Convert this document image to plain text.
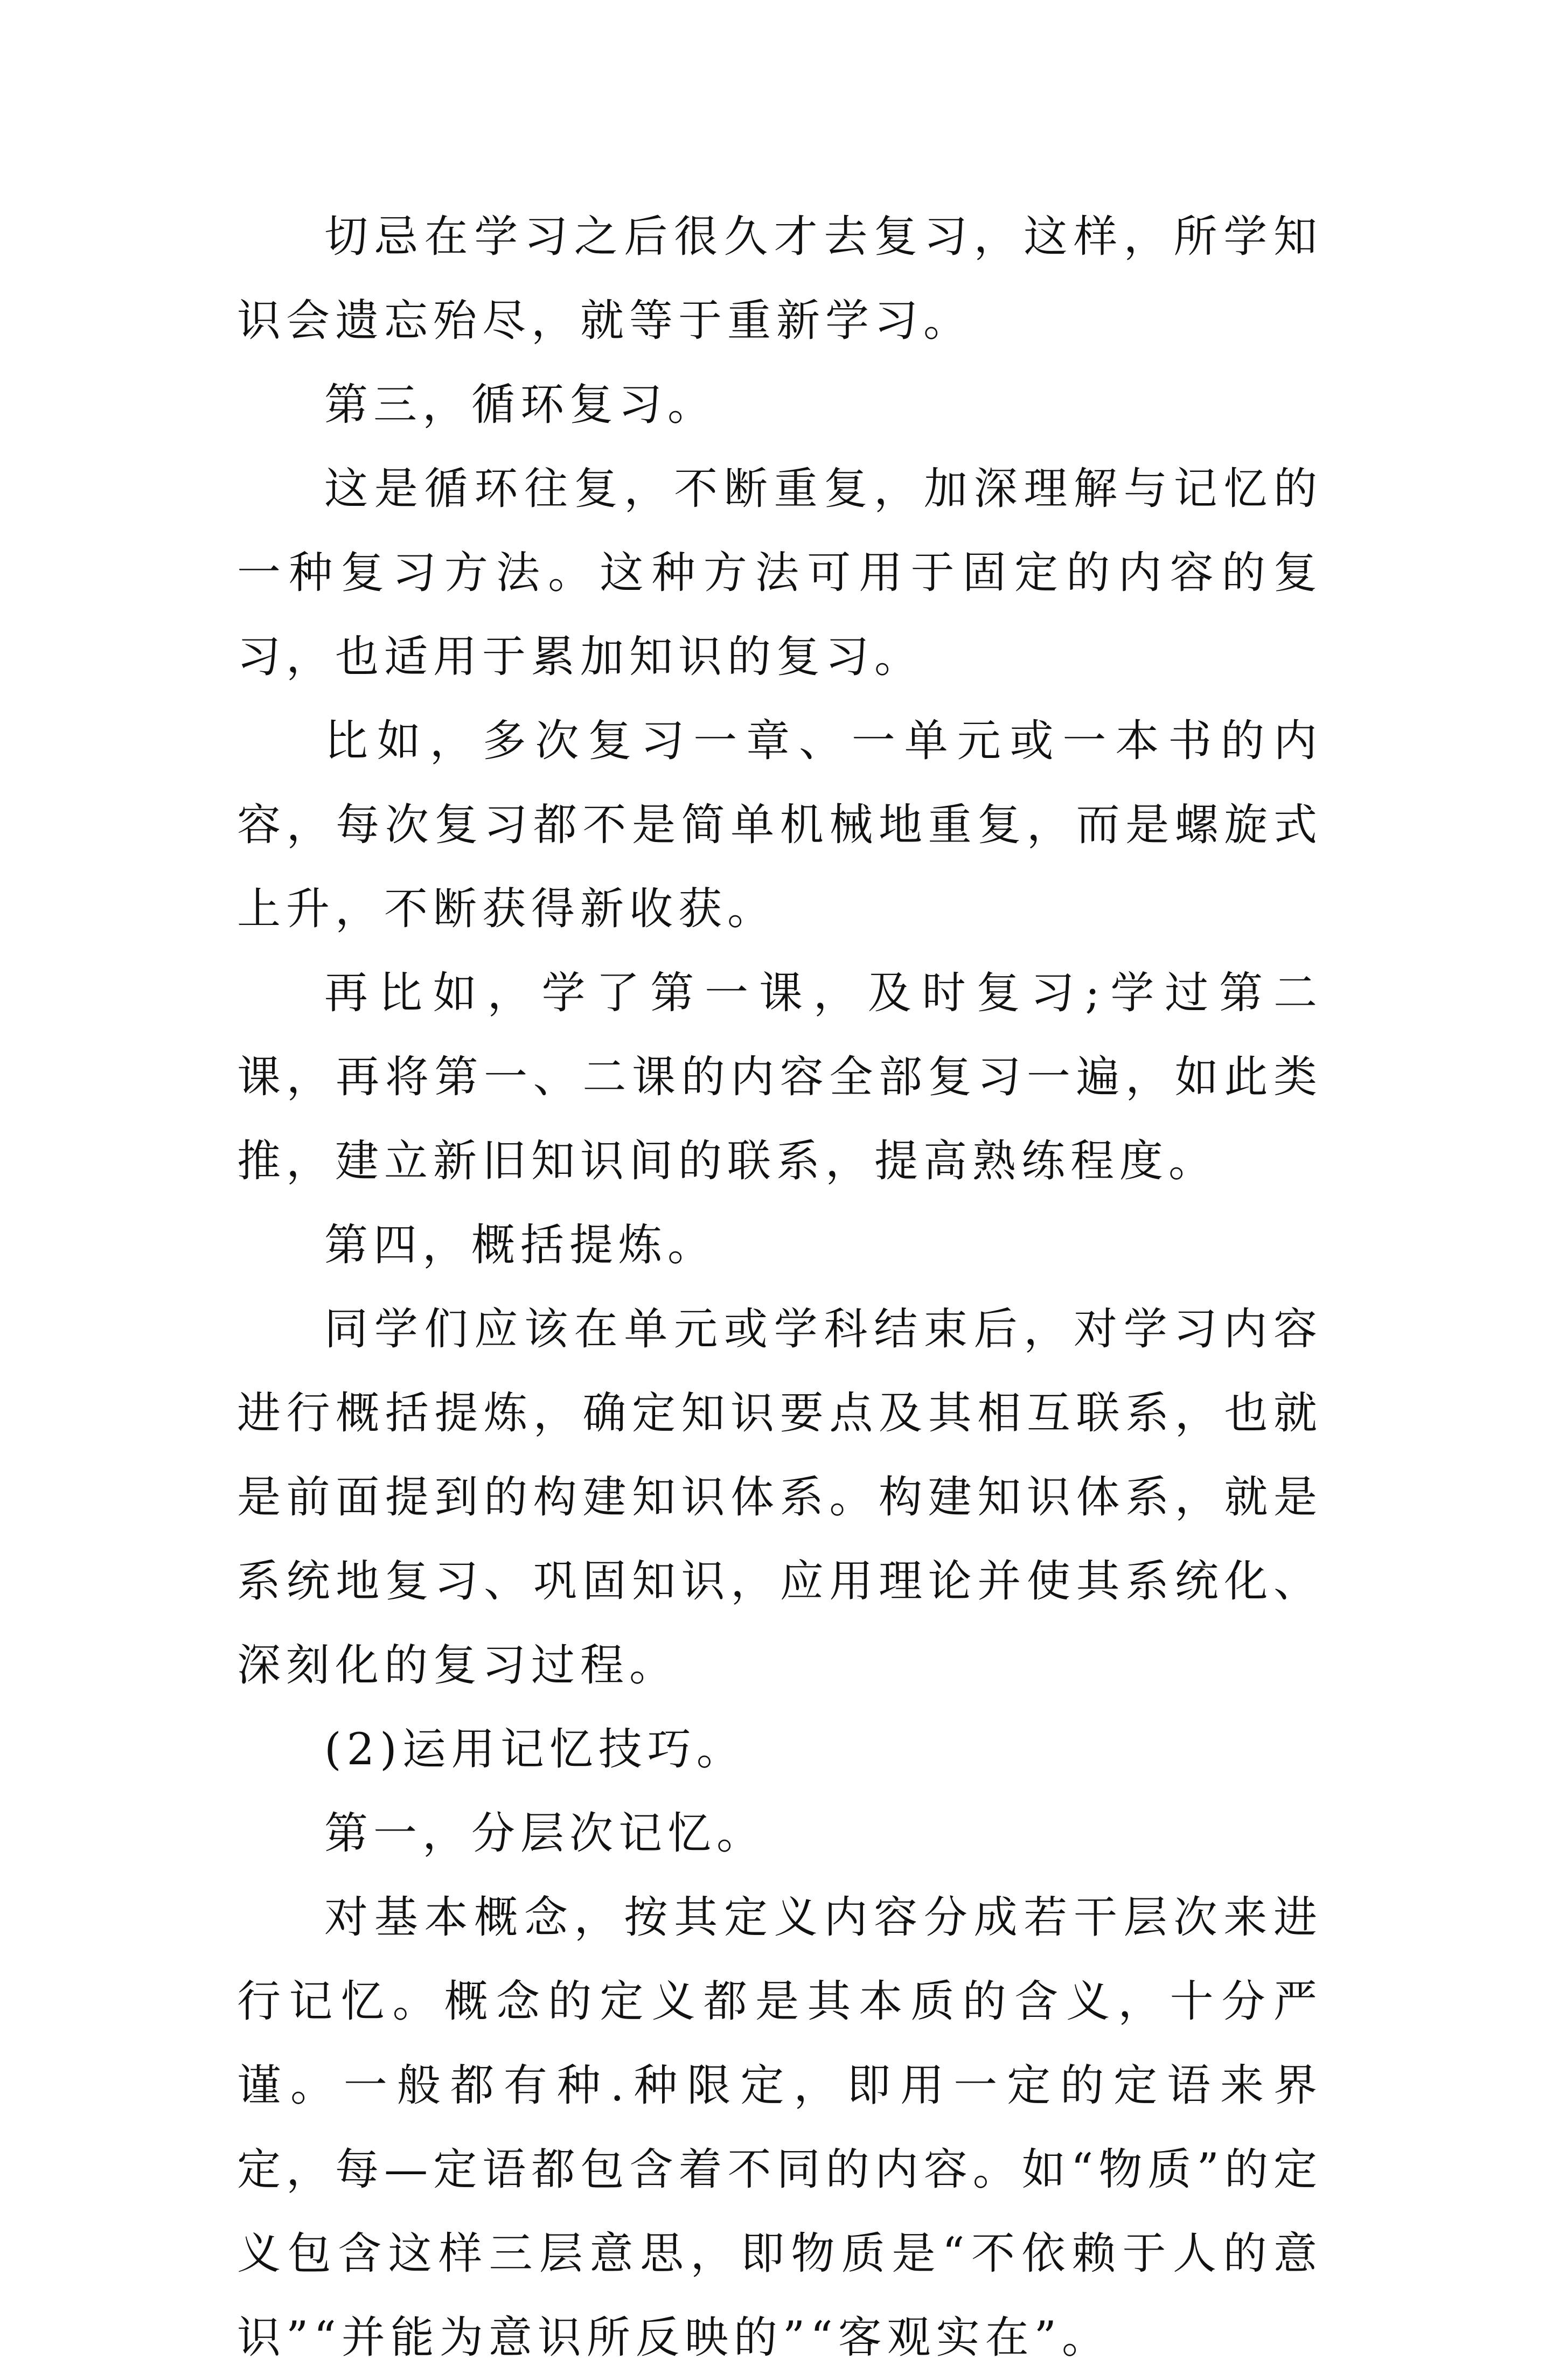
切忌在学习之后很久才去复习，这样，所学知识会遗忘殆尽，就等于重新学习。

第三，循环复习。

这是循环往复，不断重复，加深理解与记忆的一种复习方法。这种方法可用于固定的内容的复习，也适用于累加知识的复习。

比如，多次复习一章、一单元或一本书的内容，每次复习都不是简单机械地重复，而是螺旋式上升，不断获得新收获。

再比如，学了第一课，及时复习;学过第二课，再将第一、二课的内容全部复习一遍，如此类推，建立新旧知识间的联系，提高熟练程度。

第四，概括提炼。

同学们应该在单元或学科结束后，对学习内容进行概括提炼，确定知识要点及其相互联系，也就是前面提到的构建知识体系。构建知识体系，就是系统地复习、巩固知识，应用理论并使其系统化、深刻化的复习过程。

(2)运用记忆技巧。

第一，分层次记忆。

对基本概念，按其定义内容分成若干层次来进行记忆。概念的定义都是其本质的含义，十分严谨。一般都有种.种限定，即用一定的定语来界定，每—定语都包含着不同的内容。如“物质”的定义包含这样三层意思，即物质是“不依赖于人的意识”“并能为意识所反映的”“客观实在”。
